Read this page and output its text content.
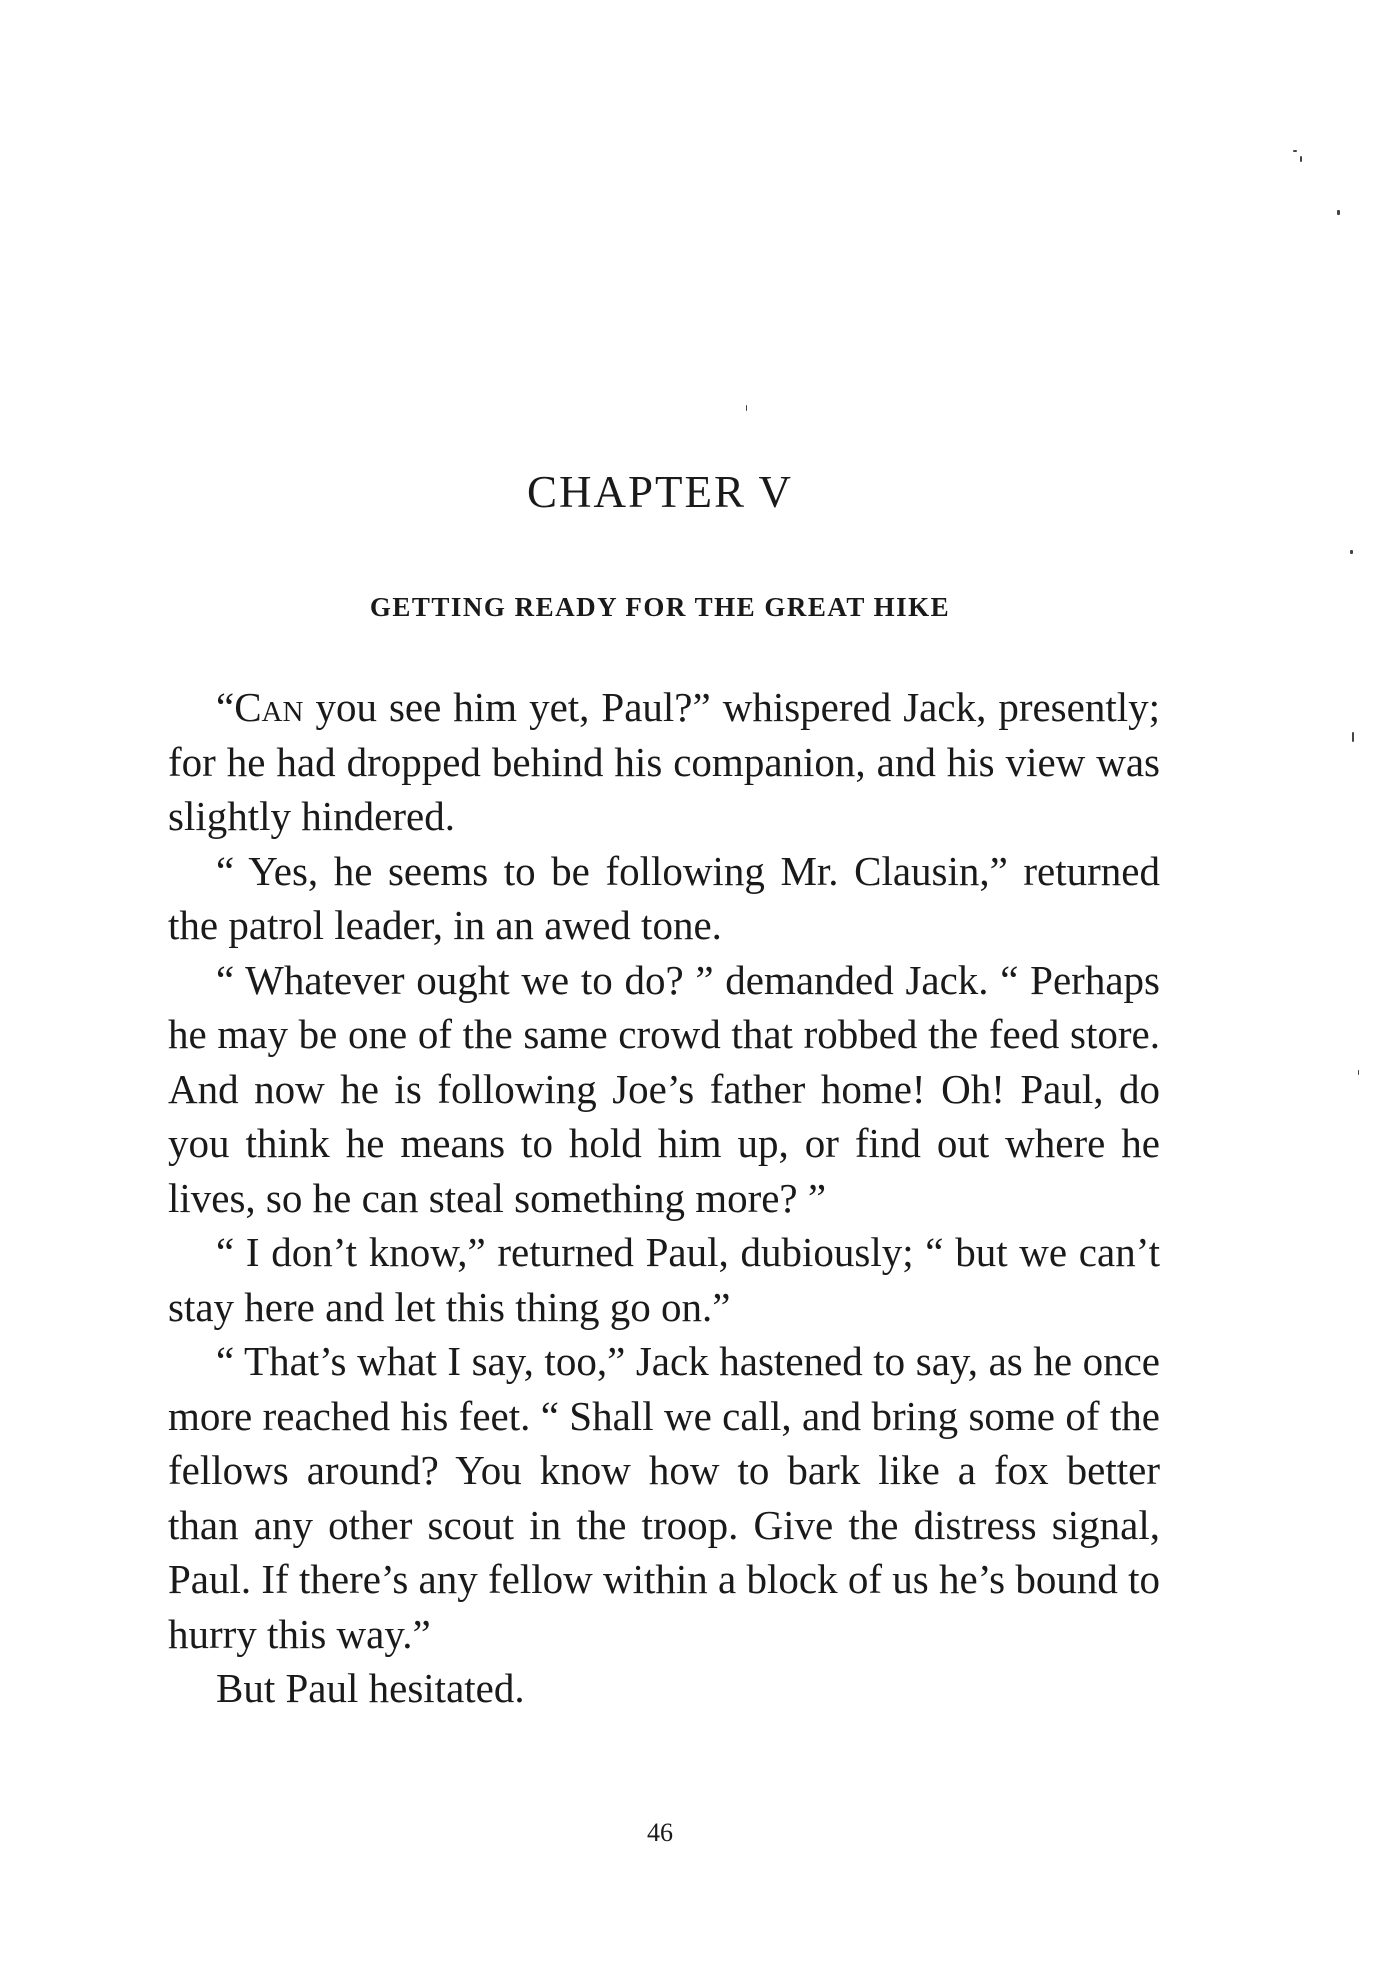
CHAPTER V
GETTING READY FOR THE GREAT HIKE

“Can you see him yet, Paul?” whispered Jack, presently; for he had dropped behind his companion, and his view was slightly hindered.

“ Yes, he seems to be following Mr. Clausin,” returned the patrol leader, in an awed tone.

“ Whatever ought we to do? ” demanded Jack. “ Perhaps he may be one of the same crowd that robbed the feed store. And now he is following Joe’s father home! Oh! Paul, do you think he means to hold him up, or find out where he lives, so he can steal something more? ”

“ I don’t know,” returned Paul, dubiously; “ but we can’t stay here and let this thing go on.”

“ That’s what I say, too,” Jack hastened to say, as he once more reached his feet. “ Shall we call, and bring some of the fellows around? You know how to bark like a fox better than any other scout in the troop. Give the distress signal, Paul. If there’s any fellow within a block of us he’s bound to hurry this way.”

But Paul hesitated.

46
